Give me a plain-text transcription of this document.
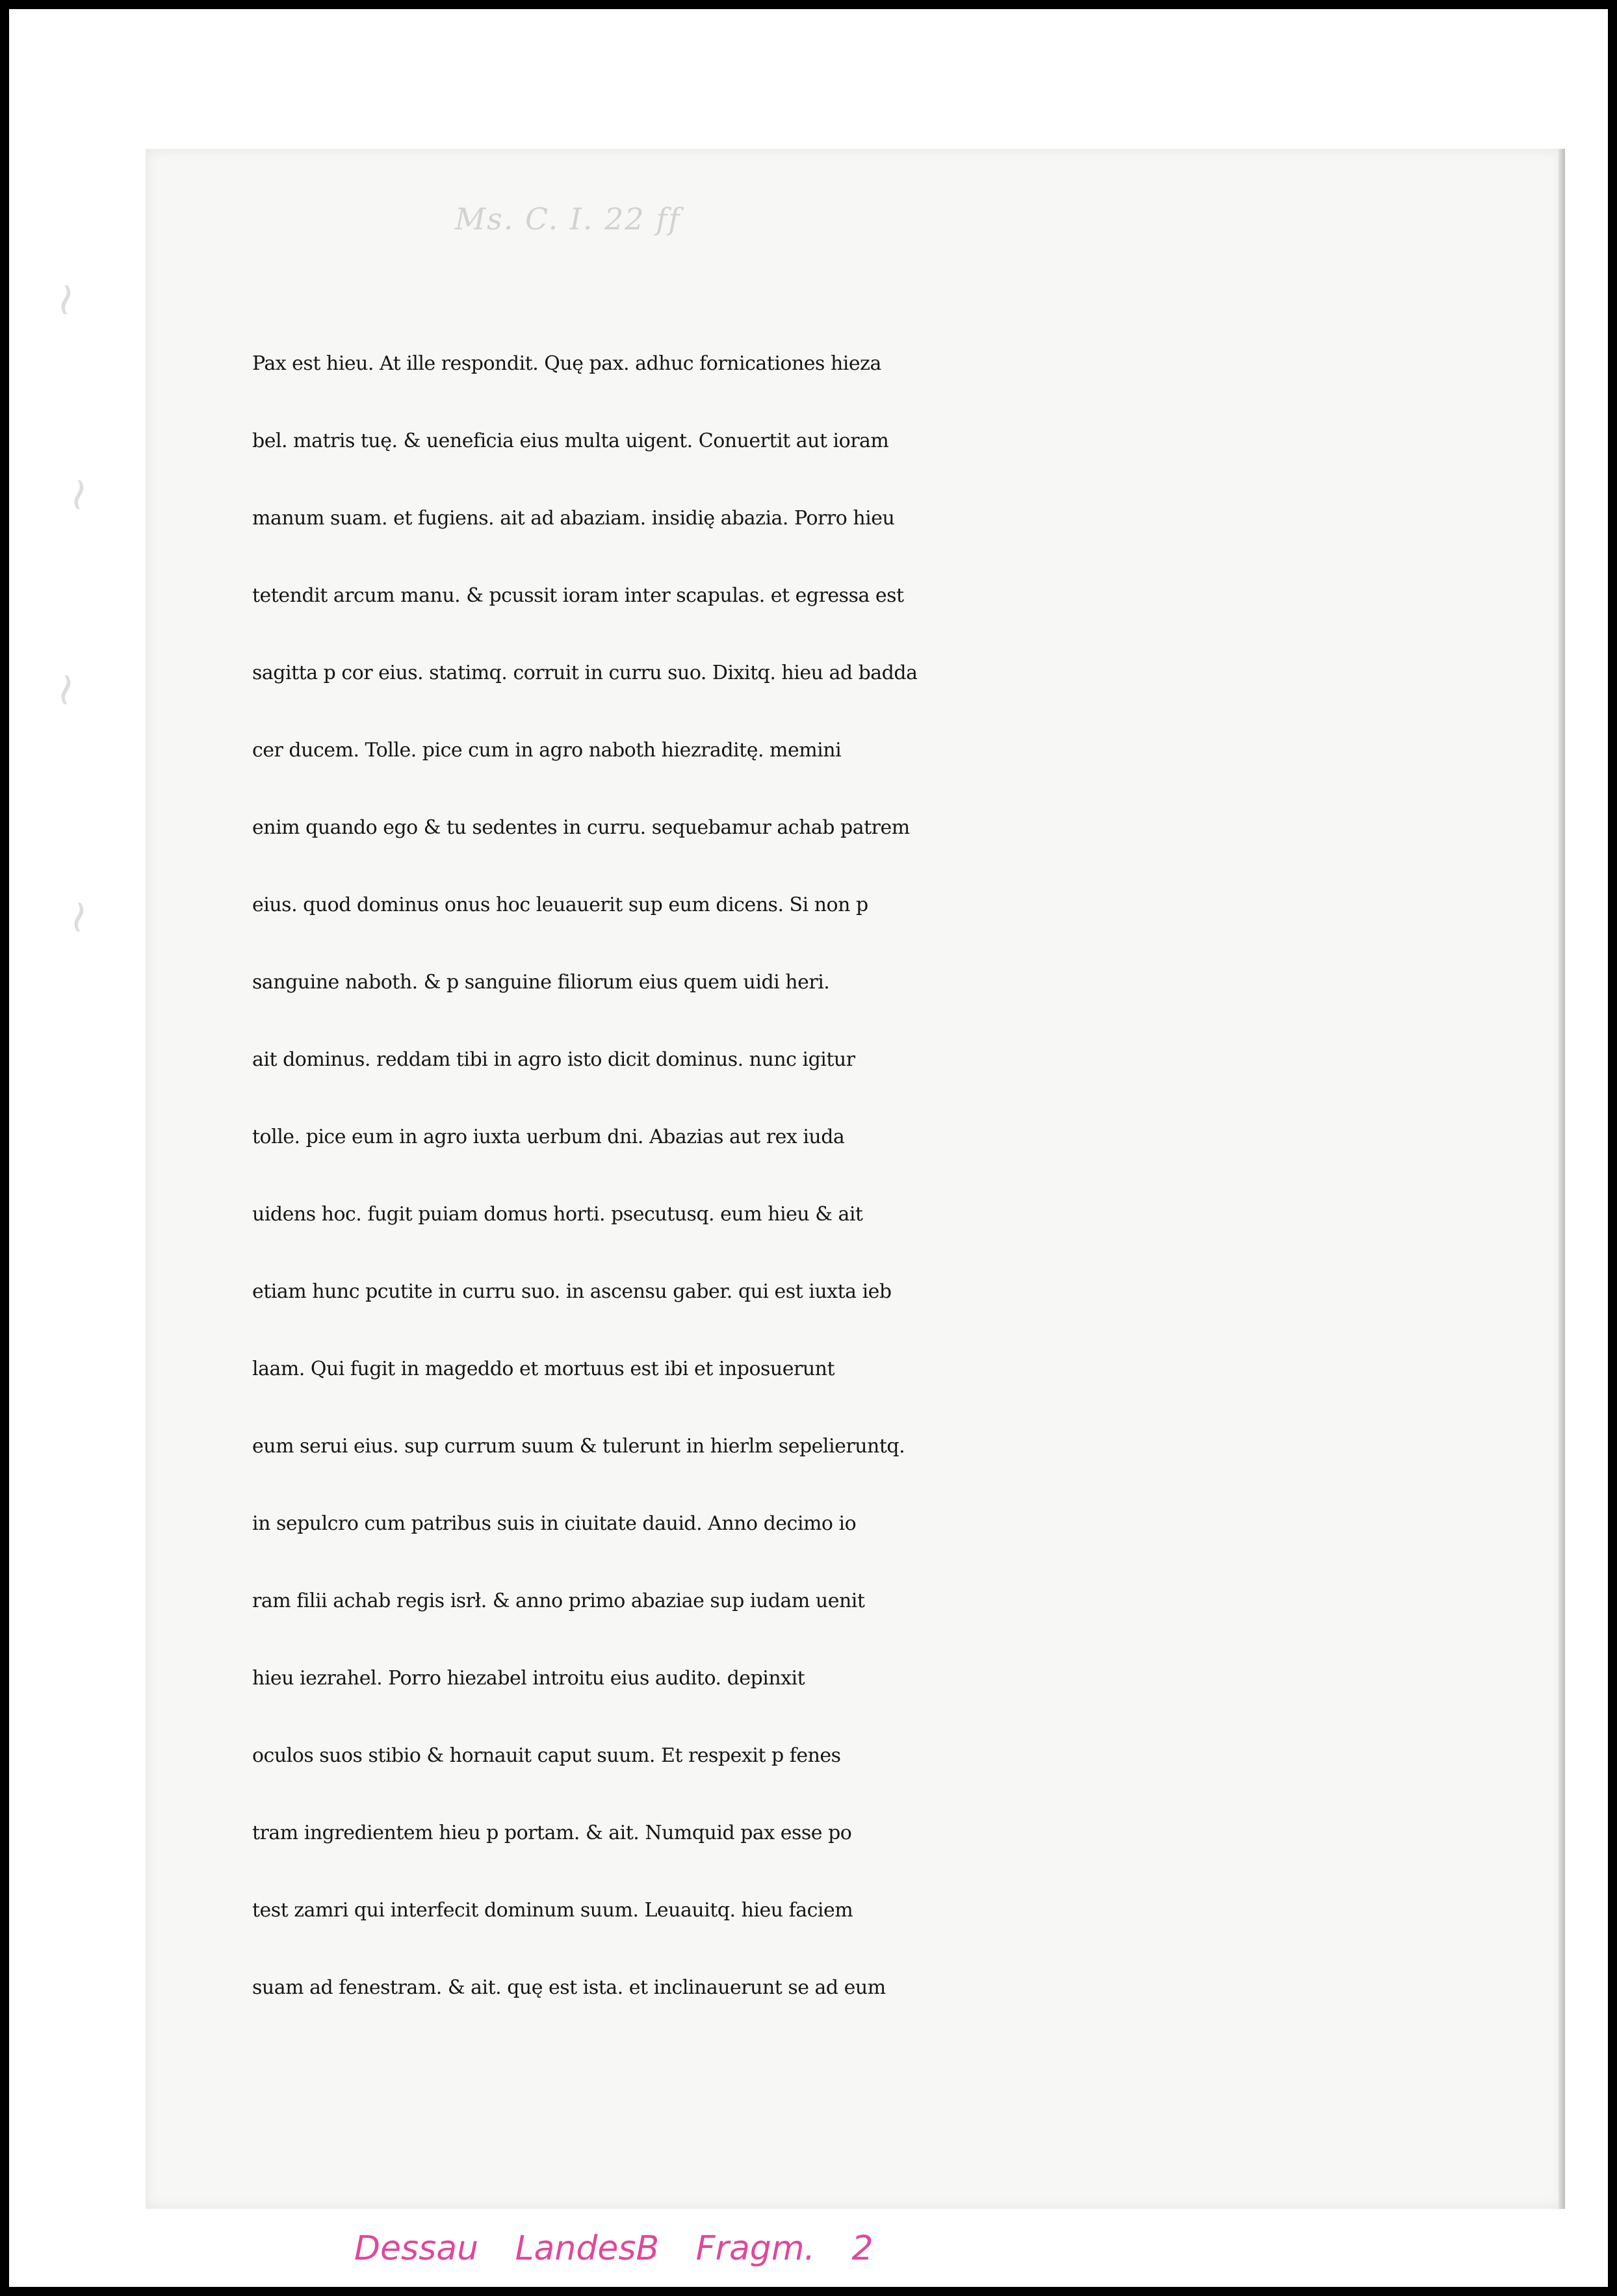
~
~
~
~
Ms. C. I. 22 ff
Pax est hieu. At ille respondit. Quę pax. adhuc fornicationes hieza
bel. matris tuę. & ueneficia eius multa uigent. Conuertit aut ioram
manum suam. et fugiens. ait ad abaziam. insidię abazia. Porro hieu
tetendit arcum manu. & pcussit ioram inter scapulas. et egressa est
sagitta p cor eius. statimq. corruit in curru suo. Dixitq. hieu ad badda
cer ducem. Tolle. pice cum in agro naboth hiezraditę. memini
enim quando ego & tu sedentes in curru. sequebamur achab patrem
eius. quod dominus onus hoc leuauerit sup eum dicens. Si non p
sanguine naboth. & p sanguine filiorum eius quem uidi heri.
ait dominus. reddam tibi in agro isto dicit dominus. nunc igitur
tolle. pice eum in agro iuxta uerbum dni. Abazias aut rex iuda
uidens hoc. fugit puiam domus horti. psecutusq. eum hieu & ait
etiam hunc pcutite in curru suo. in ascensu gaber. qui est iuxta ieb
laam. Qui fugit in mageddo et mortuus est ibi et inposuerunt
eum serui eius. sup currum suum & tulerunt in hierlm sepelieruntq.
in sepulcro cum patribus suis in ciuitate dauid. Anno decimo io
ram filii achab regis isrł. & anno primo abaziae sup iudam uenit
hieu iezrahel. Porro hiezabel introitu eius audito. depinxit
oculos suos stibio & hornauit caput suum. Et respexit p fenes
tram ingredientem hieu p portam. & ait. Numquid pax esse po
test zamri qui interfecit dominum suum. Leuauitq. hieu faciem
suam ad fenestram. & ait. quę est ista. et inclinauerunt se ad eum
Dessau LandesB Fragm. 2
